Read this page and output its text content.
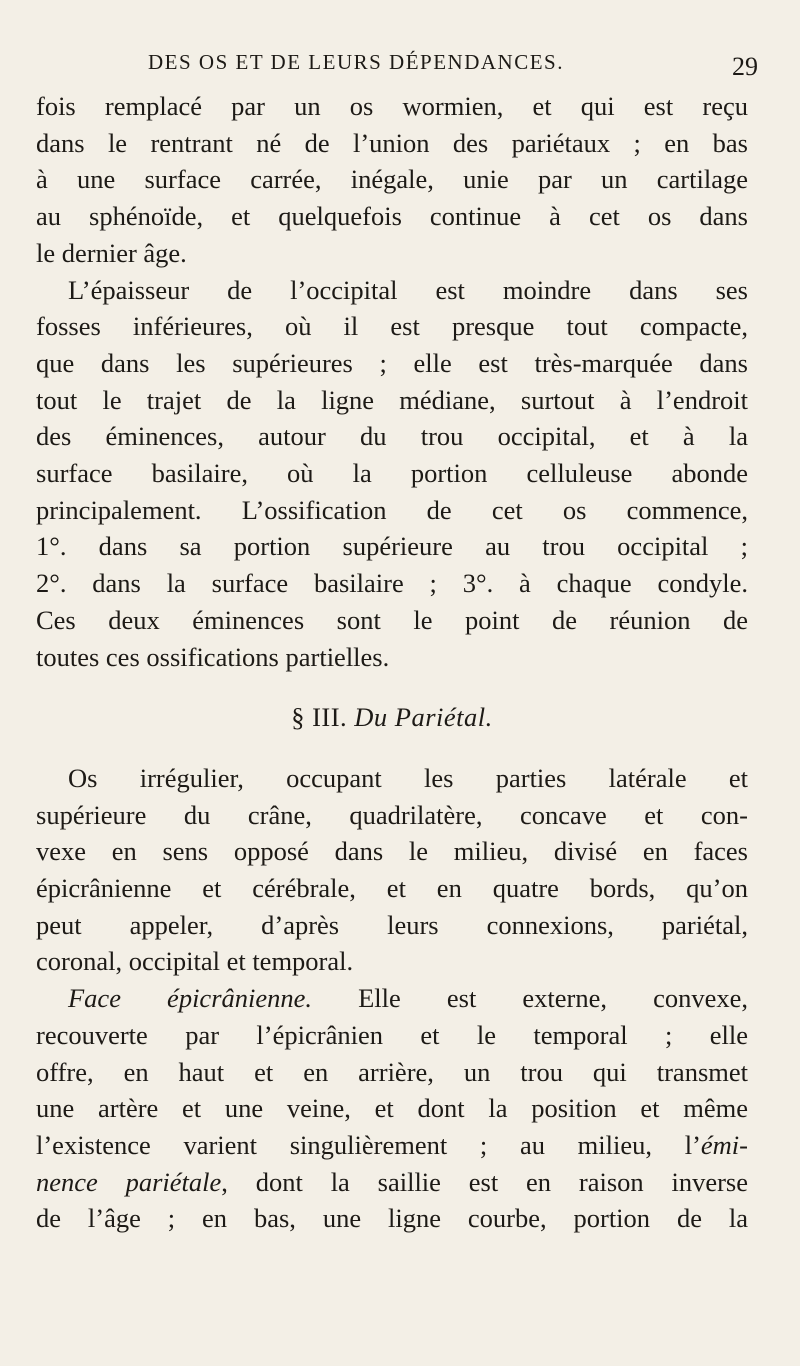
DES OS ET DE LEURS DÉPENDANCES.	29
fois remplacé par un os wormien, et qui est reçu
dans le rentrant né de l’union des pariétaux ; en bas
à une surface carrée, inégale, unie par un cartilage
au sphénoïde, et quelquefois continue à cet os dans
le dernier âge.
L’épaisseur de l’occipital est moindre dans ses
fosses inférieures, où il est presque tout compacte,
que dans les supérieures ; elle est très-marquée dans
tout le trajet de la ligne médiane, surtout à l’endroit
des éminences, autour du trou occipital, et à la
surface basilaire, où la portion celluleuse abonde
principalement. L’ossification de cet os commence,
1°. dans sa portion supérieure au trou occipital ;
2°. dans la surface basilaire ; 3°. à chaque condyle.
Ces deux éminences sont le point de réunion de
toutes ces ossifications partielles.
§ III. Du Pariétal.
Os irrégulier, occupant les parties latérale et
supérieure du crâne, quadrilatère, concave et con-
vexe en sens opposé dans le milieu, divisé en faces
épicrânienne et cérébrale, et en quatre bords, qu’on
peut appeler, d’après leurs connexions, pariétal,
coronal, occipital et temporal.
Face épicrânienne. Elle est externe, convexe,
recouverte par l’épicrânien et le temporal ; elle
offre, en haut et en arrière, un trou qui transmet
une artère et une veine, et dont la position et même
l’existence varient singulièrement ; au milieu, l’émi-
nence pariétale, dont la saillie est en raison inverse
de l’âge ; en bas, une ligne courbe, portion de la
